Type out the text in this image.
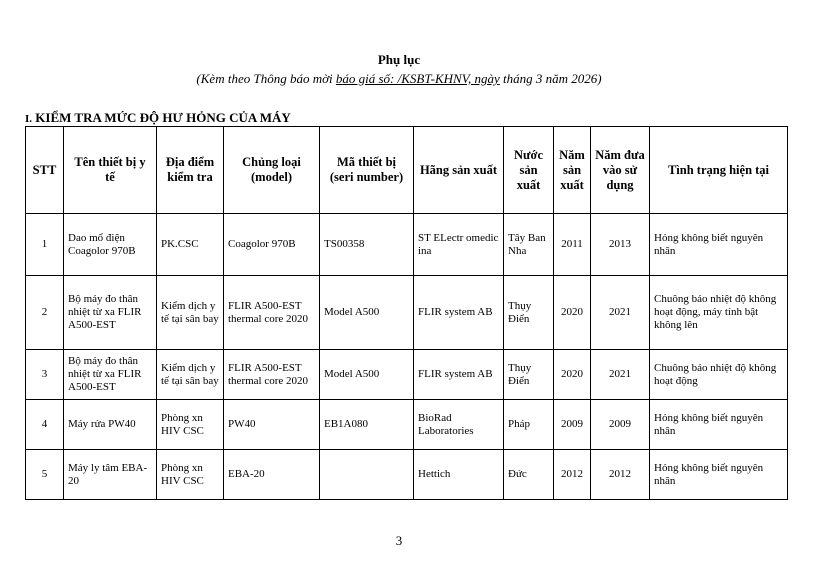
Phụ lục
(Kèm theo Thông báo mời báo giá số: /KSBT-KHNV, ngày tháng 3 năm 2026)
I. KIỂM TRA MỨC ĐỘ HƯ HỎNG CỦA MÁY
STT	Tên thiết bị y tế	Địa điểm kiểm tra	Chủng loại (model)	Mã thiết bị (seri number)	Hãng sản xuất	Nước sản xuất	Năm sản xuất	Năm đưa vào sử dụng	Tình trạng hiện tại
1	Dao mổ điện Coagolor 970B	PK.CSC	Coagolor 970B	TS00358	ST ELectr omedic ina	Tây Ban Nha	2011	2013	Hỏng không biết nguyên nhân
2	Bộ máy đo thân nhiệt từ xa FLIR A500-EST	Kiểm dịch y tế tại sân bay	FLIR A500-EST thermal core 2020	Model A500	FLIR system AB	Thụy Điển	2020	2021	Chuông báo nhiệt độ không hoạt động, máy tính bật không lên
3	Bộ máy đo thân nhiệt từ xa FLIR A500-EST	Kiểm dịch y tế tại sân bay	FLIR A500-EST thermal core 2020	Model A500	FLIR system AB	Thụy Điển	2020	2021	Chuông báo nhiệt độ không hoạt động
4	Máy rửa PW40	Phòng xn HIV CSC	PW40	EB1A080	BioRad Laboratories	Pháp	2009	2009	Hỏng không biết nguyên nhân
5	Máy ly tâm EBA-20	Phòng xn HIV CSC	EBA-20		Hettich	Đức	2012	2012	Hỏng không biết nguyên nhân
3
